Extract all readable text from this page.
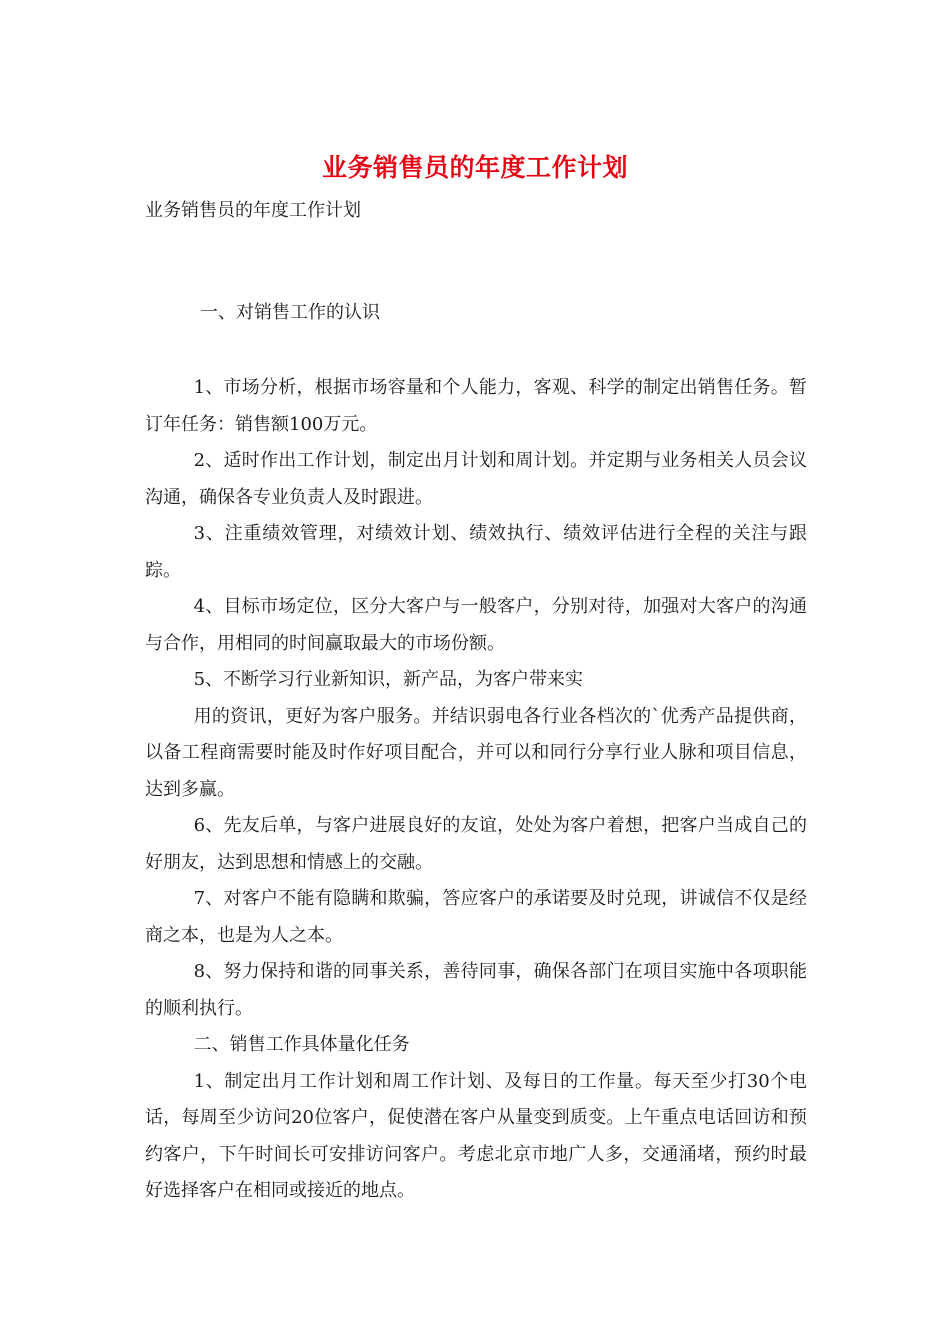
业务销售员的年度工作计划
业务销售员的年度工作计划
一、对销售工作的认识

1、市场分析，根据市场容量和个人能力，客观、科学的制定出销售任务。暂订年任务：销售额100万元。

2、适时作出工作计划，制定出月计划和周计划。并定期与业务相关人员会议沟通，确保各专业负责人及时跟进。

3、注重绩效管理，对绩效计划、绩效执行、绩效评估进行全程的关注与跟踪。

4、目标市场定位，区分大客户与一般客户，分别对待，加强对大客户的沟通与合作，用相同的时间赢取最大的市场份额。

5、不断学习行业新知识，新产品，为客户带来实

用的资讯，更好为客户服务。并结识弱电各行业各档次的`优秀产品提供商，以备工程商需要时能及时作好项目配合，并可以和同行分享行业人脉和项目信息，达到多赢。

6、先友后单，与客户进展良好的友谊，处处为客户着想，把客户当成自己的好朋友，达到思想和情感上的交融。

7、对客户不能有隐瞒和欺骗，答应客户的承诺要及时兑现，讲诚信不仅是经商之本，也是为人之本。

8、努力保持和谐的同事关系，善待同事，确保各部门在项目实施中各项职能的顺利执行。

二、销售工作具体量化任务

1、制定出月工作计划和周工作计划、及每日的工作量。每天至少打30个电话，每周至少访问20位客户，促使潜在客户从量变到质变。上午重点电话回访和预约客户，下午时间长可安排访问客户。考虑北京市地广人多，交通涌堵，预约时最好选择客户在相同或接近的地点。
